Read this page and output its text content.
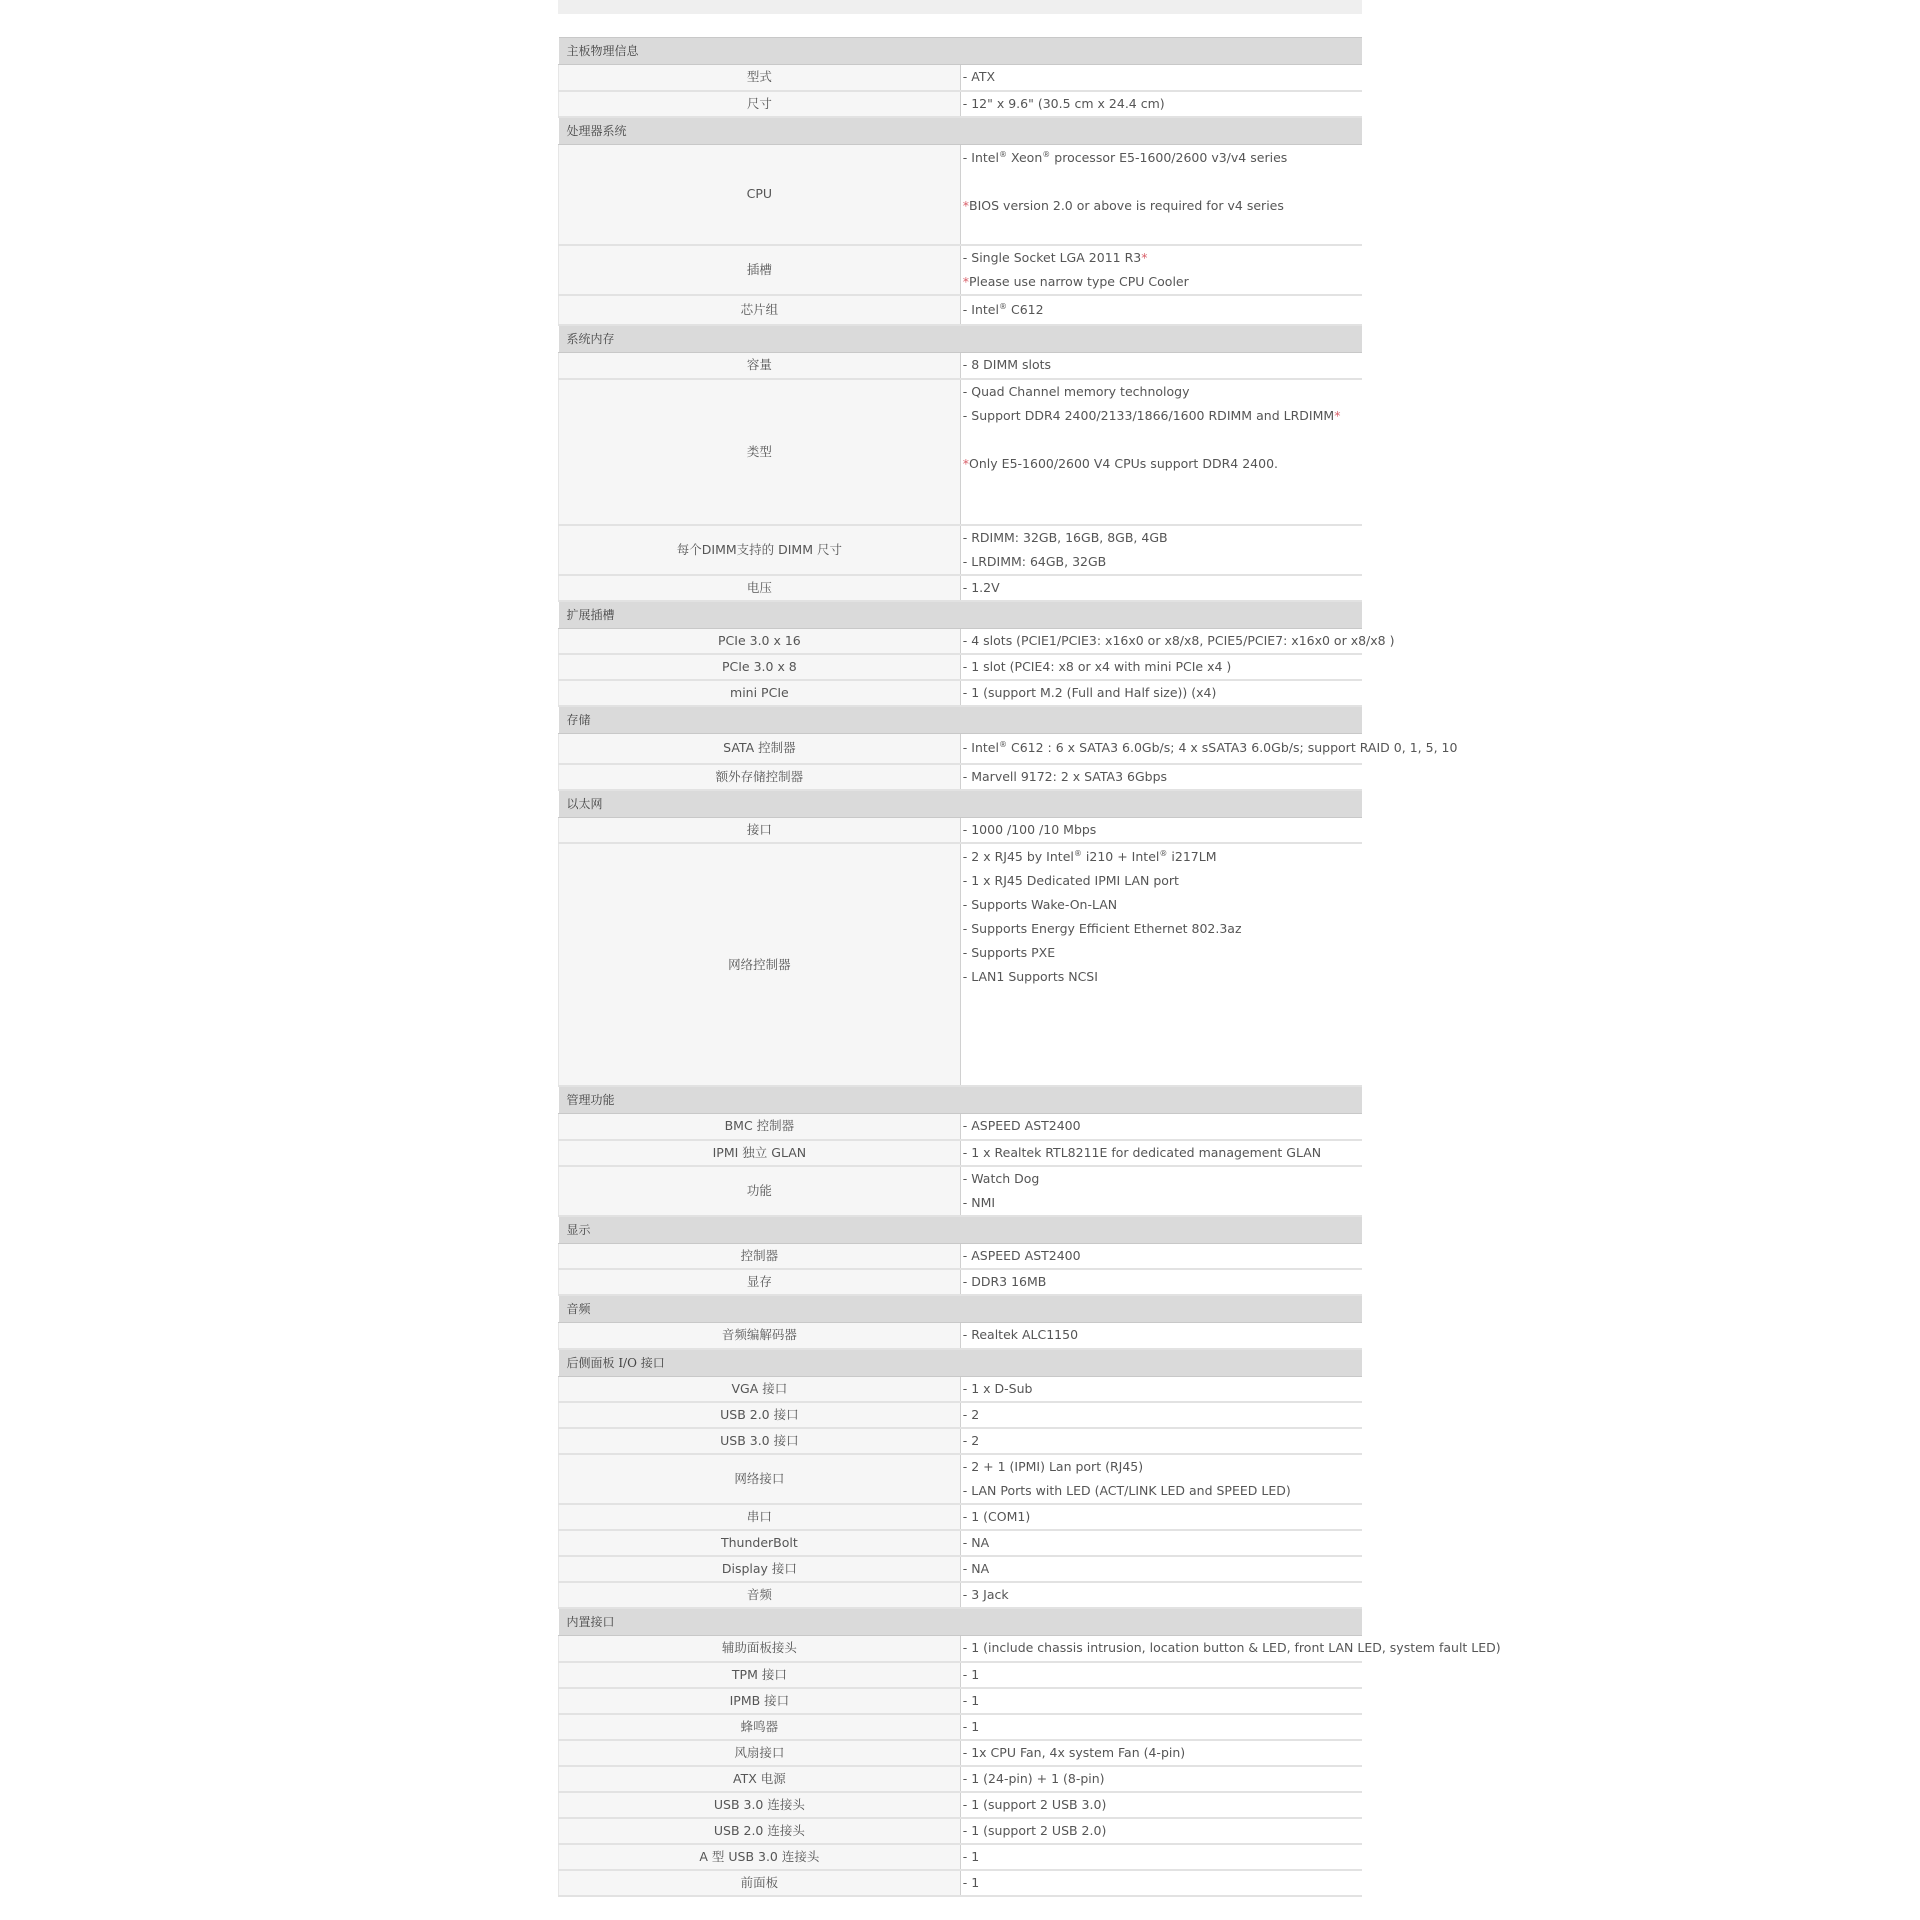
主板物理信息	
型式	- ATX

尺寸	- 12" x 9.6" (30.5 cm x 24.4 cm)

处理器系统	
CPU	- Intel® Xeon® processor E5-1600/2600 v3/v4 series
*BIOS version 2.0 or above is required for v4 series

插槽	- Single Socket LGA 2011 R3*
*Please use narrow type CPU Cooler

芯片组	- Intel® C612

系统内存	
容量	- 8 DIMM slots

类型	- Quad Channel memory technology
- Support DDR4 2400/2133/1866/1600 RDIMM and LRDIMM*
*Only E5-1600/2600 V4 CPUs support DDR4 2400.

每个DIMM支持的 DIMM 尺寸	- RDIMM: 32GB, 16GB, 8GB, 4GB
- LRDIMM: 64GB, 32GB

电压	- 1.2V

扩展插槽	
PCIe 3.0 x 16	- 4 slots (PCIE1/PCIE3: x16x0 or x8/x8, PCIE5/PCIE7: x16x0 or x8/x8 )

PCIe 3.0 x 8	- 1 slot (PCIE4: x8 or x4 with mini PCIe x4 )

mini PCIe	- 1 (support M.2 (Full and Half size)) (x4)

存储	
SATA 控制器	- Intel® C612 : 6 x SATA3 6.0Gb/s; 4 x sSATA3 6.0Gb/s; support RAID 0, 1, 5, 10

额外存储控制器	- Marvell 9172: 2 x SATA3 6Gbps

以太网	
接口	- 1000 /100 /10 Mbps

网络控制器	
- 2 x RJ45 by Intel® i210 + Intel® i217LM
- 1 x RJ45 Dedicated IPMI LAN port
- Supports Wake-On-LAN
- Supports Energy Efficient Ethernet 802.3az
- Supports PXE
- LAN1 Supports NCSI

管理功能	
BMC 控制器	- ASPEED AST2400

IPMI 独立 GLAN	- 1 x Realtek RTL8211E for dedicated management GLAN

功能	- Watch Dog
- NMI

显示	
控制器	- ASPEED AST2400

显存	- DDR3 16MB

音频	
音频编解码器	- Realtek ALC1150

后侧面板 I/O 接口	
VGA 接口	- 1 x D-Sub

USB 2.0 接口	- 2

USB 3.0 接口	- 2

网络接口	- 2 + 1 (IPMI) Lan port (RJ45)
- LAN Ports with LED (ACT/LINK LED and SPEED LED)

串口	- 1 (COM1)

ThunderBolt	- NA

Display 接口	- NA

音频	- 3 Jack

内置接口	
辅助面板接头	- 1 (include chassis intrusion, location button & LED, front LAN LED, system fault LED)

TPM 接口	- 1

IPMB 接口	- 1

蜂鸣器	- 1

风扇接口	- 1x CPU Fan, 4x system Fan (4-pin)

ATX 电源	- 1 (24-pin) + 1 (8-pin)

USB 3.0 连接头	- 1 (support 2 USB 3.0)

USB 2.0 连接头	- 1 (support 2 USB 2.0)

A 型 USB 3.0 连接头	- 1

前面板	- 1
